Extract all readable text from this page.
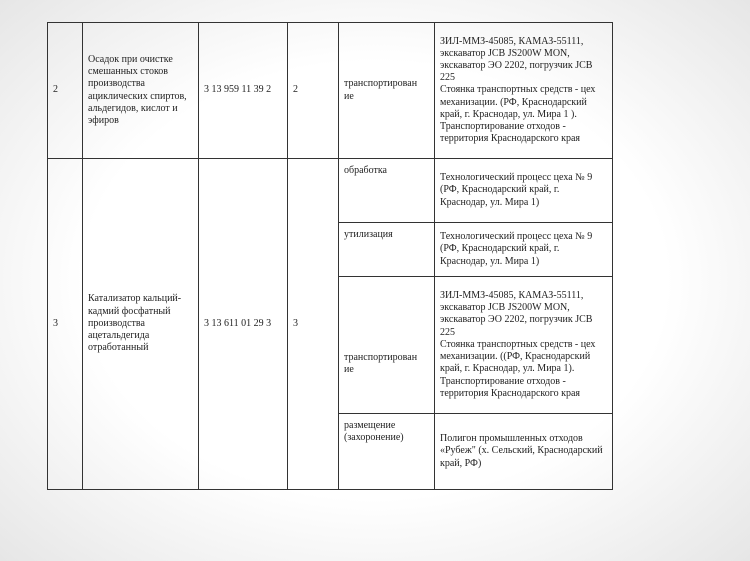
2	Осадок при очистке смешанных стоков производства ациклических спиртов, альдегидов, кислот и эфиров	3 13 959 11 39 2	2	транспортирован ие	ЗИЛ-ММЗ-45085, КАМАЗ-55111, экскаватор JCB JS200W MON, экскаватор ЭО 2202, погрузчик JCB 225
Стоянка транспортных средств - цех механизации. (РФ, Краснодарский край, г. Краснодар, ул. Мира 1 ). Транспортирование отходов - территория Краснодарского края
3	Катализатор кальций-кадмий фосфатный производства ацетальдегида отработанный	3 13 611 01 29 3	3	обработка	Технологический процесс цеха № 9 (РФ, Краснодарский край, г. Краснодар, ул. Мира 1)
				утилизация	Технологический процесс цеха № 9 (РФ, Краснодарский край, г. Краснодар, ул. Мира 1)
				транспортирован ие	ЗИЛ-ММЗ-45085, КАМАЗ-55111, экскаватор JCB JS200W MON, экскаватор ЭО 2202, погрузчик JCB 225
Стоянка транспортных средств - цех механизации. ((РФ, Краснодарский край, г. Краснодар, ул. Мира 1). Транспортирование отходов - территория Краснодарского края
				размещение (захоронение)	Полигон промышленных отходов «Рубеж" (х. Сельский, Краснодарский край, РФ)
